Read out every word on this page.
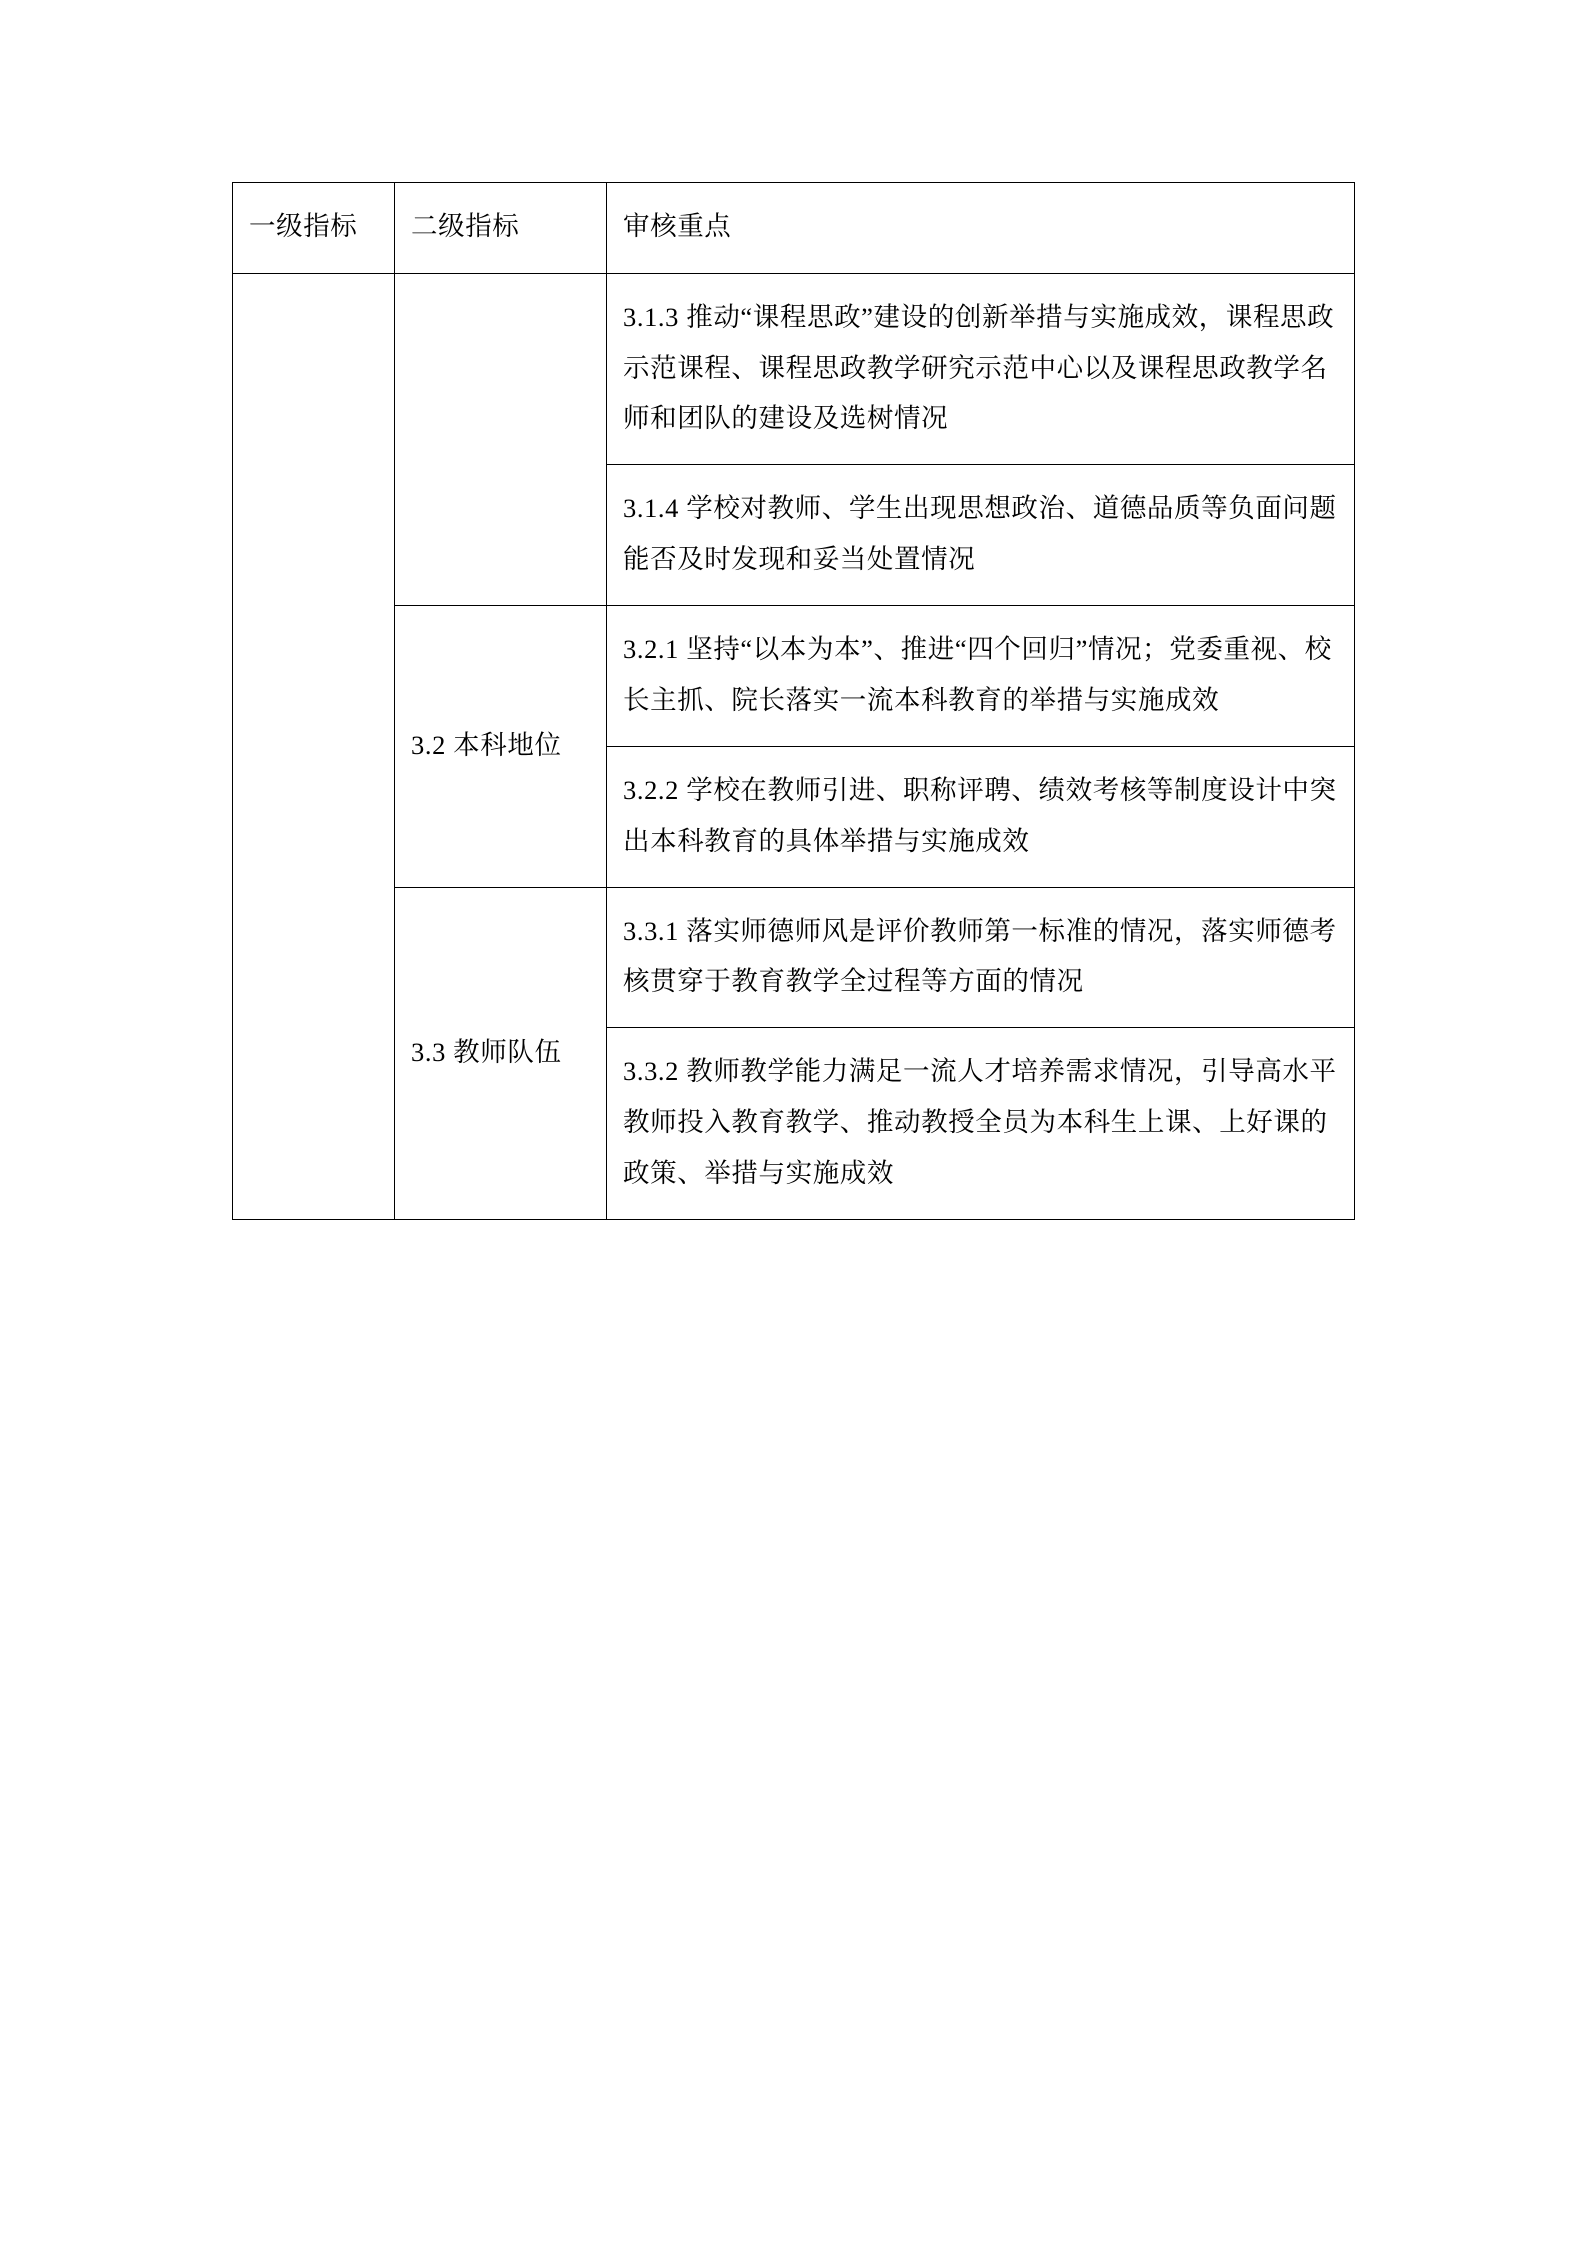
一级指标	二级指标	审核重点
		3.1.3 推动“课程思政”建设的创新举措与实施成效，课程思政示范课程、课程思政教学研究示范中心以及课程思政教学名师和团队的建设及选树情况
		3.1.4 学校对教师、学生出现思想政治、道德品质等负面问题能否及时发现和妥当处置情况
	3.2 本科地位	3.2.1 坚持“以本为本”、推进“四个回归”情况；党委重视、校长主抓、院长落实一流本科教育的举措与实施成效
		3.2.2 学校在教师引进、职称评聘、绩效考核等制度设计中突出本科教育的具体举措与实施成效
	3.3 教师队伍	3.3.1 落实师德师风是评价教师第一标准的情况，落实师德考核贯穿于教育教学全过程等方面的情况
		3.3.2 教师教学能力满足一流人才培养需求情况，引导高水平教师投入教育教学、推动教授全员为本科生上课、上好课的政策、举措与实施成效
